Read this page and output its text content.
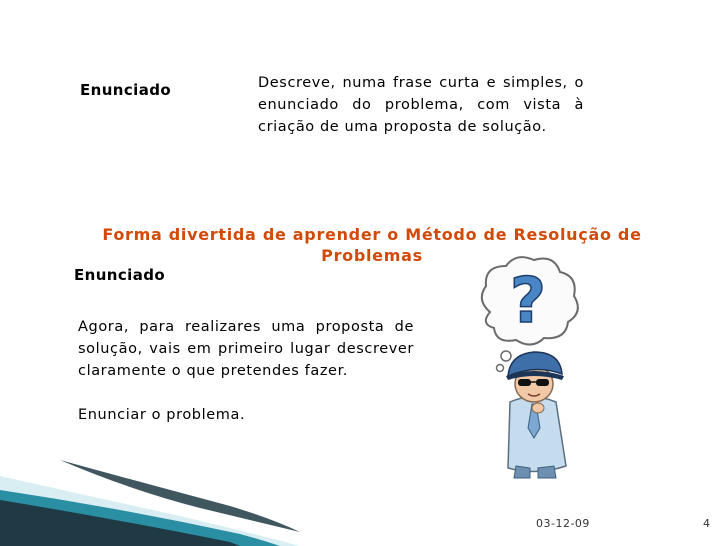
Enunciado	Descreve, numa frase curta e simples, o enunciado do problema, com vista à criação de uma proposta de solução.

Forma divertida de aprender o Método de Resolução de Problemas
Enunciado

Agora, para realizares uma proposta de solução, vais em primeiro lugar descrever claramente o que pretendes fazer.

Enunciar o problema.
?
03-12-09	4
